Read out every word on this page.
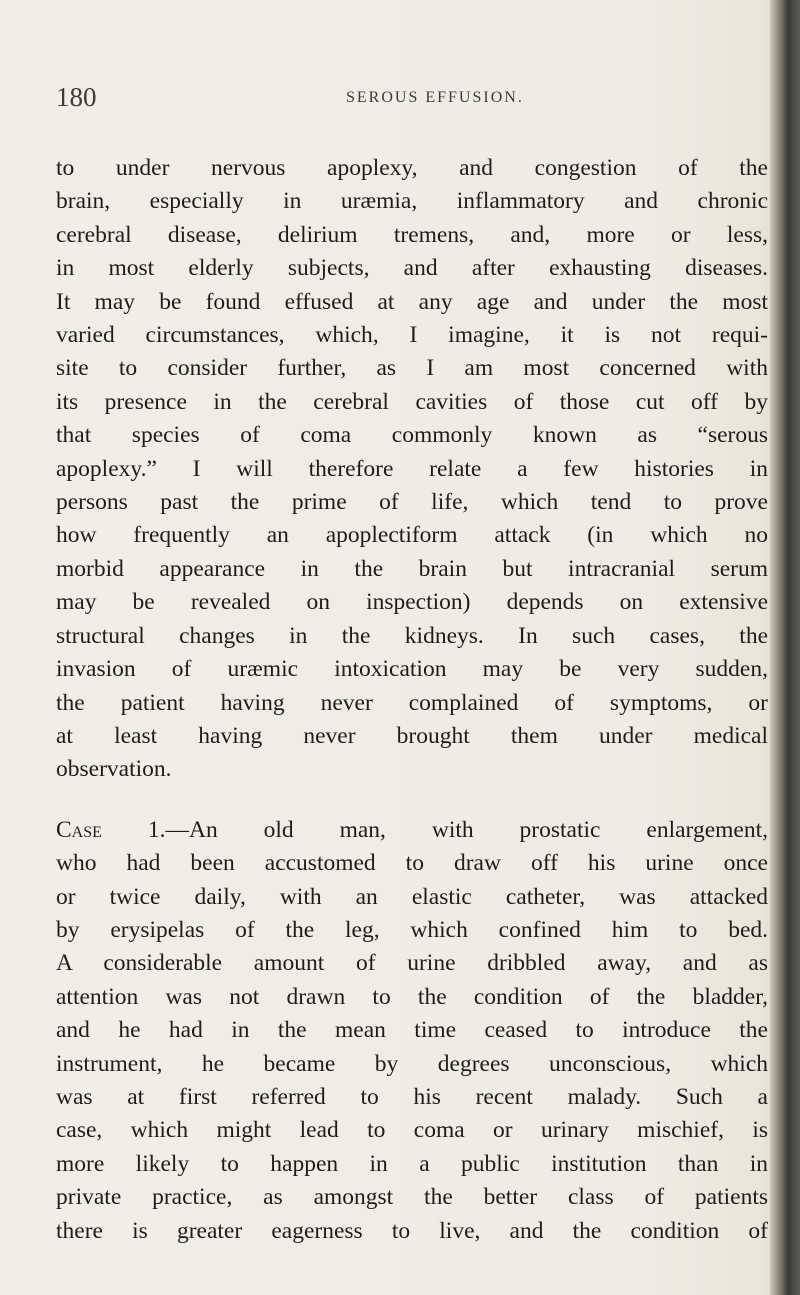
180	SEROUS EFFUSION.

to under nervous apoplexy, and congestion of the
brain, especially in uræmia, inflammatory and chronic
cerebral disease, delirium tremens, and, more or less,
in most elderly subjects, and after exhausting diseases.
It may be found effused at any age and under the most
varied circumstances, which, I imagine, it is not requi-
site to consider further, as I am most concerned with
its presence in the cerebral cavities of those cut off by
that species of coma commonly known as “serous
apoplexy.” I will therefore relate a few histories in
persons past the prime of life, which tend to prove
how frequently an apoplectiform attack (in which no
morbid appearance in the brain but intracranial serum
may be revealed on inspection) depends on extensive
structural changes in the kidneys. In such cases, the
invasion of uræmic intoxication may be very sudden,
the patient having never complained of symptoms, or
at least having never brought them under medical
observation.

Case 1.—An old man, with prostatic enlargement,
who had been accustomed to draw off his urine once
or twice daily, with an elastic catheter, was attacked
by erysipelas of the leg, which confined him to bed.
A considerable amount of urine dribbled away, and as
attention was not drawn to the condition of the bladder,
and he had in the mean time ceased to introduce the
instrument, he became by degrees unconscious, which
was at first referred to his recent malady. Such a
case, which might lead to coma or urinary mischief, is
more likely to happen in a public institution than in
private practice, as amongst the better class of patients
there is greater eagerness to live, and the condition of
